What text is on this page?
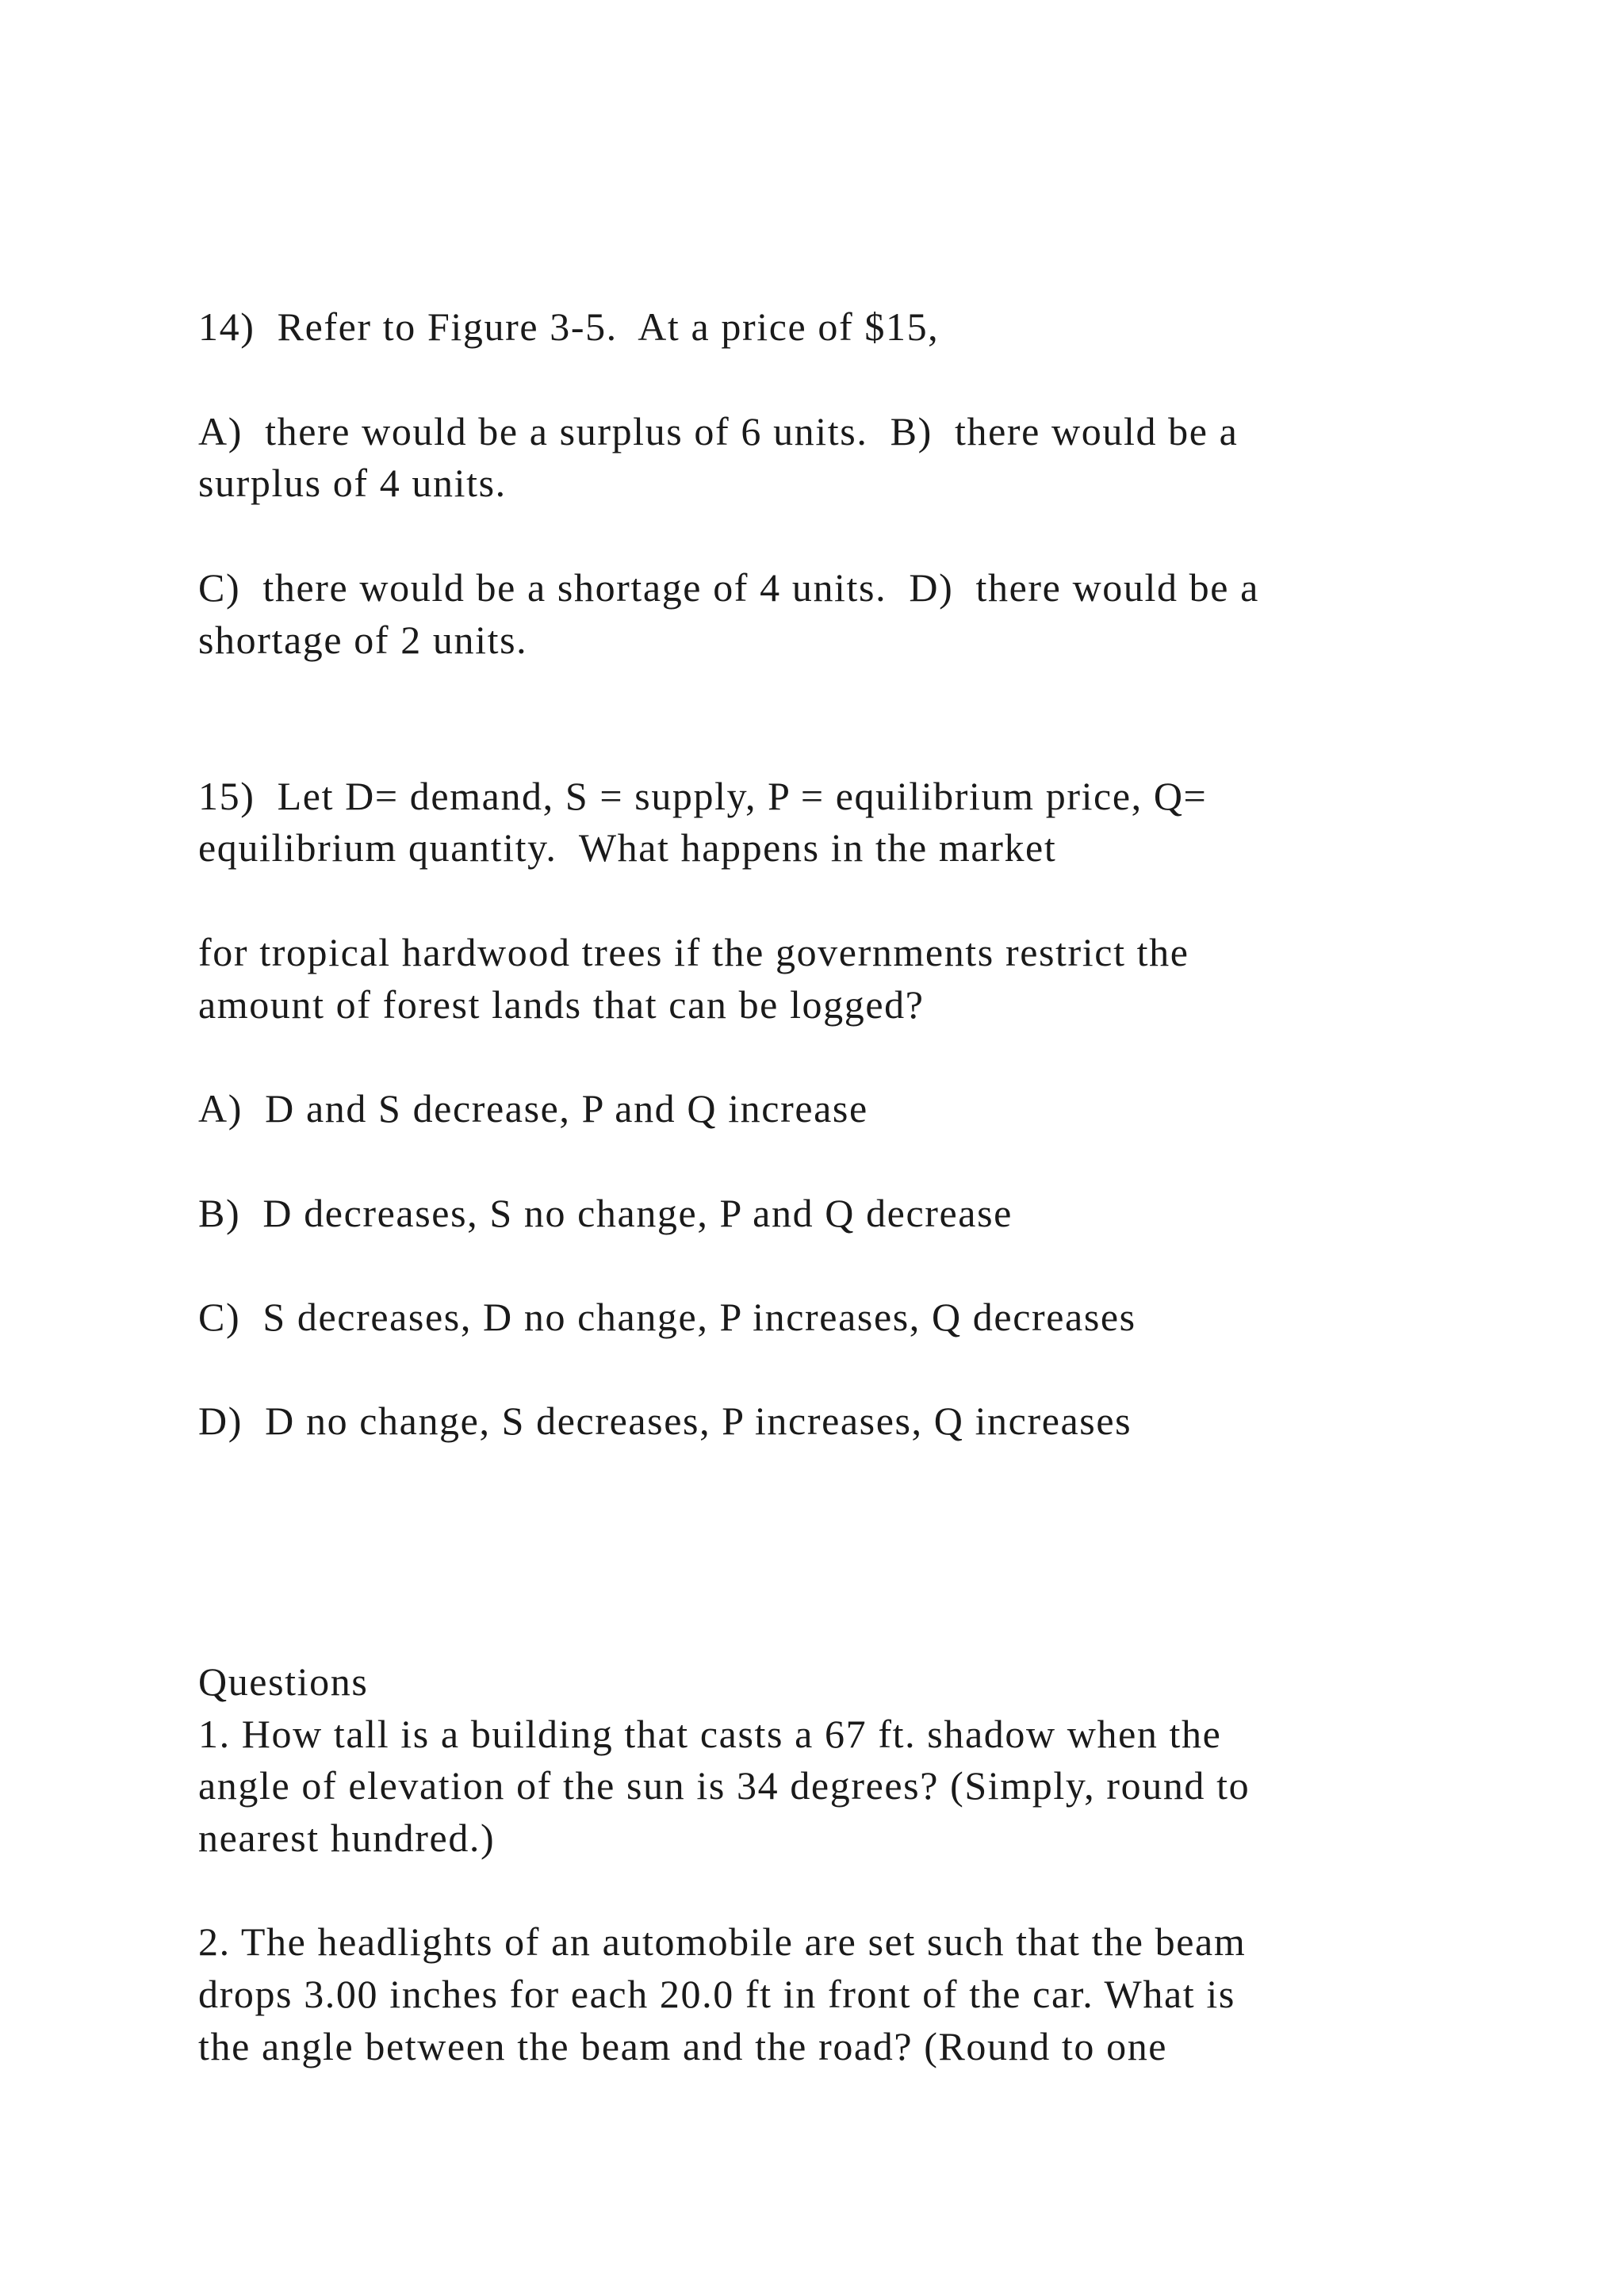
14)  Refer to Figure 3-5.  At a price of $15,

A)  there would be a surplus of 6 units.  B)  there would be a

surplus of 4 units.

C)  there would be a shortage of 4 units.  D)  there would be a

shortage of 2 units.

15)  Let D= demand, S = supply, P = equilibrium price, Q=

equilibrium quantity.  What happens in the market

for tropical hardwood trees if the governments restrict the

amount of forest lands that can be logged?

A)  D and S decrease, P and Q increase

B)  D decreases, S no change, P and Q decrease

C)  S decreases, D no change, P increases, Q decreases

D)  D no change, S decreases, P increases, Q increases

Questions

1. How tall is a building that casts a 67 ft. shadow when the

angle of elevation of the sun is 34 degrees? (Simply, round to

nearest hundred.)

2. The headlights of an automobile are set such that the beam

drops 3.00 inches for each 20.0 ft in front of the car. What is

the angle between the beam and the road? (Round to one
